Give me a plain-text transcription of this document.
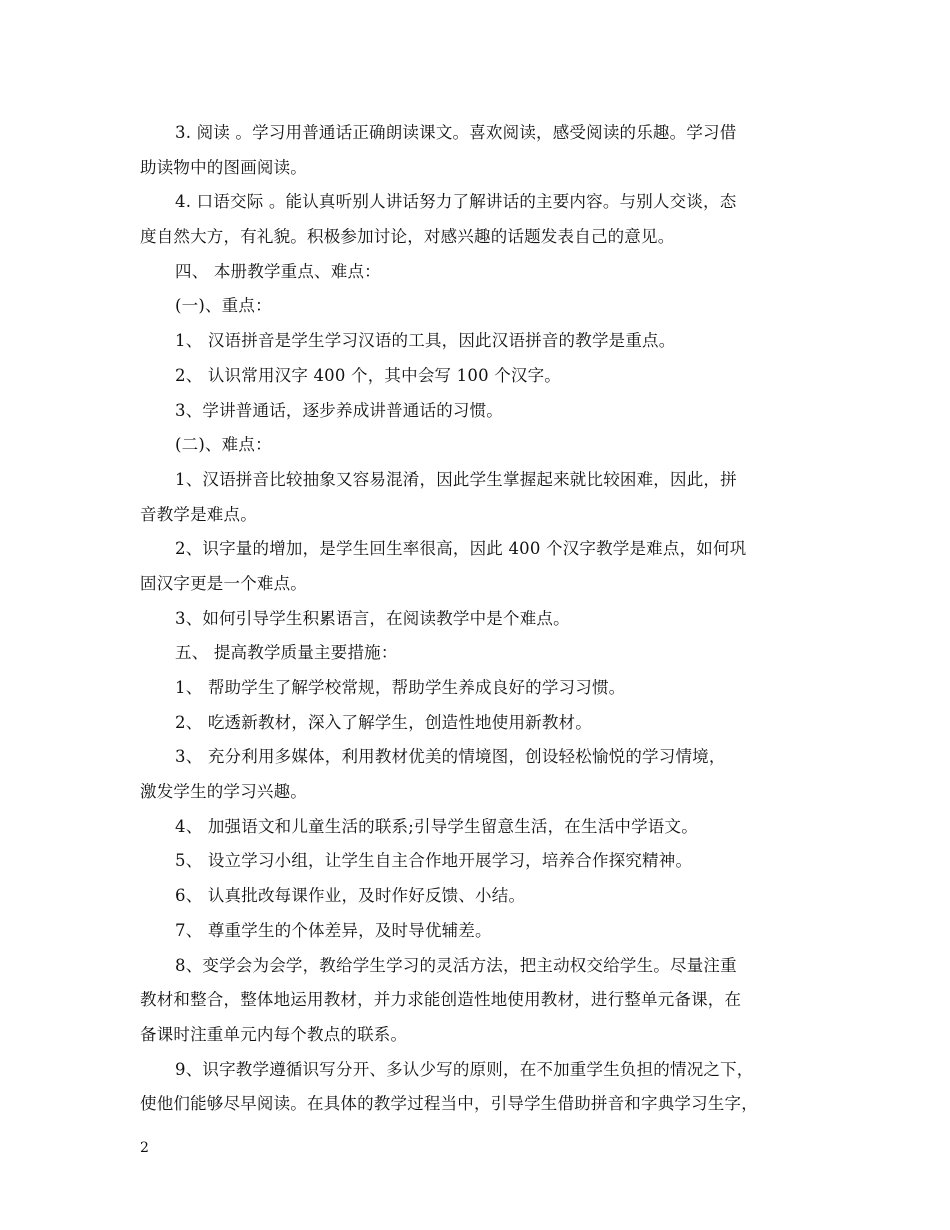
3. 阅读 。学习用普通话正确朗读课文。喜欢阅读，感受阅读的乐趣。学习借
助读物中的图画阅读。
4. 口语交际 。能认真听别人讲话努力了解讲话的主要内容。与别人交谈，态
度自然大方，有礼貌。积极参加讨论，对感兴趣的话题发表自己的意见。
四、 本册教学重点、难点：
(一)、重点：
1、 汉语拼音是学生学习汉语的工具，因此汉语拼音的教学是重点。
2、 认识常用汉字 400 个，其中会写 100 个汉字。
3、学讲普通话，逐步养成讲普通话的习惯。
(二)、难点：
1、汉语拼音比较抽象又容易混淆，因此学生掌握起来就比较困难，因此，拼
音教学是难点。
2、识字量的增加，是学生回生率很高，因此 400 个汉字教学是难点，如何巩
固汉字更是一个难点。
3、如何引导学生积累语言，在阅读教学中是个难点。
五、 提高教学质量主要措施：
1、 帮助学生了解学校常规，帮助学生养成良好的学习习惯。
2、 吃透新教材，深入了解学生，创造性地使用新教材。
3、 充分利用多媒体，利用教材优美的情境图，创设轻松愉悦的学习情境，
激发学生的学习兴趣。
4、 加强语文和儿童生活的联系;引导学生留意生活，在生活中学语文。
5、 设立学习小组，让学生自主合作地开展学习，培养合作探究精神。
6、 认真批改每课作业，及时作好反馈、小结。
7、 尊重学生的个体差异，及时导优辅差。
8、变学会为会学，教给学生学习的灵活方法，把主动权交给学生。尽量注重
教材和整合，整体地运用教材，并力求能创造性地使用教材，进行整单元备课，在
备课时注重单元内每个教点的联系。
9、识字教学遵循识写分开、多认少写的原则，在不加重学生负担的情况之下，
使他们能够尽早阅读。在具体的教学过程当中，引导学生借助拼音和字典学习生字，
2
